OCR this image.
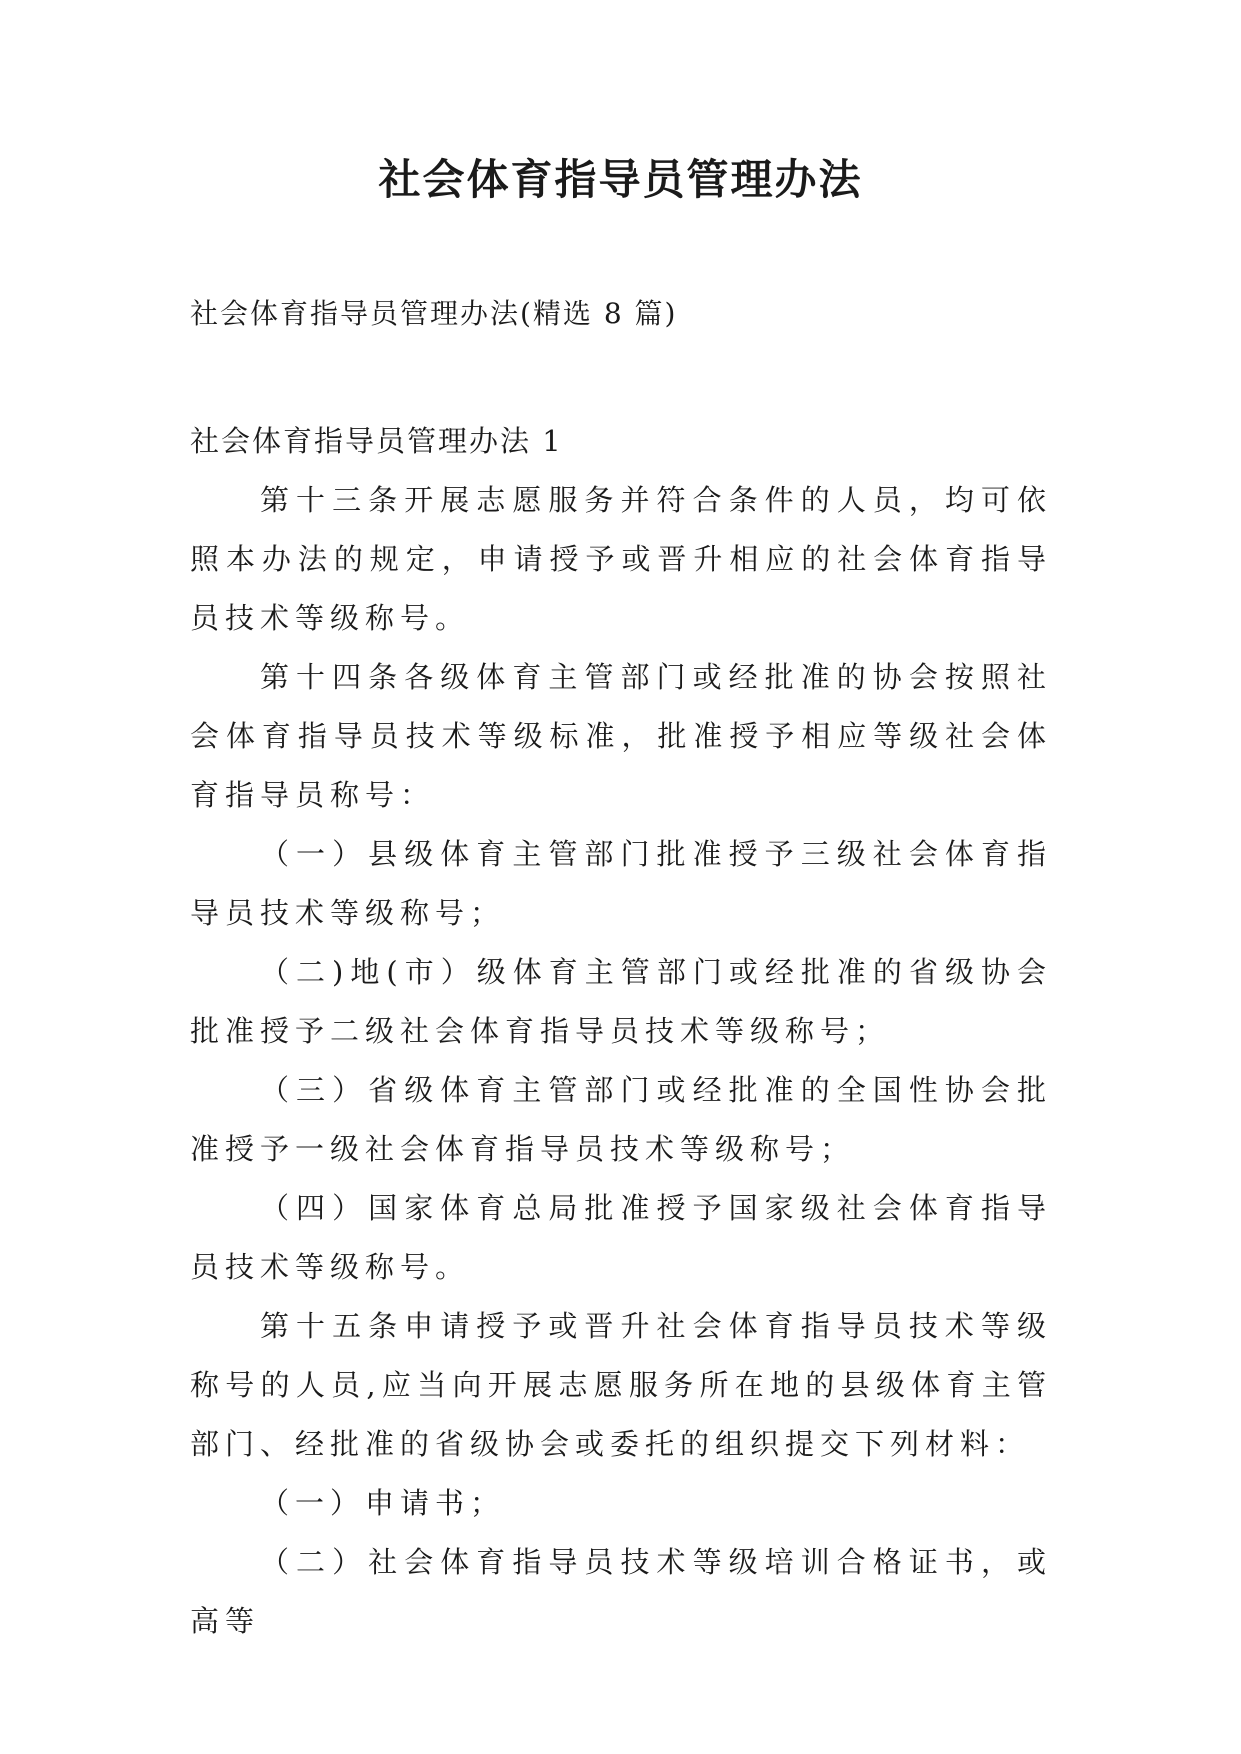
社会体育指导员管理办法

社会体育指导员管理办法(精选 8 篇)

社会体育指导员管理办法 1

第十三条开展志愿服务并符合条件的人员，均可依照本办法的规定，申请授予或晋升相应的社会体育指导员技术等级称号。

第十四条各级体育主管部门或经批准的协会按照社会体育指导员技术等级标准，批准授予相应等级社会体育指导员称号：

（一）县级体育主管部门批准授予三级社会体育指导员技术等级称号；

（二)地(市）级体育主管部门或经批准的省级协会批准授予二级社会体育指导员技术等级称号；

（三）省级体育主管部门或经批准的全国性协会批准授予一级社会体育指导员技术等级称号；

（四）国家体育总局批准授予国家级社会体育指导员技术等级称号。

第十五条申请授予或晋升社会体育指导员技术等级称号的人员,应当向开展志愿服务所在地的县级体育主管部门、经批准的省级协会或委托的组织提交下列材料：

（一）申请书；

（二）社会体育指导员技术等级培训合格证书，或高等
